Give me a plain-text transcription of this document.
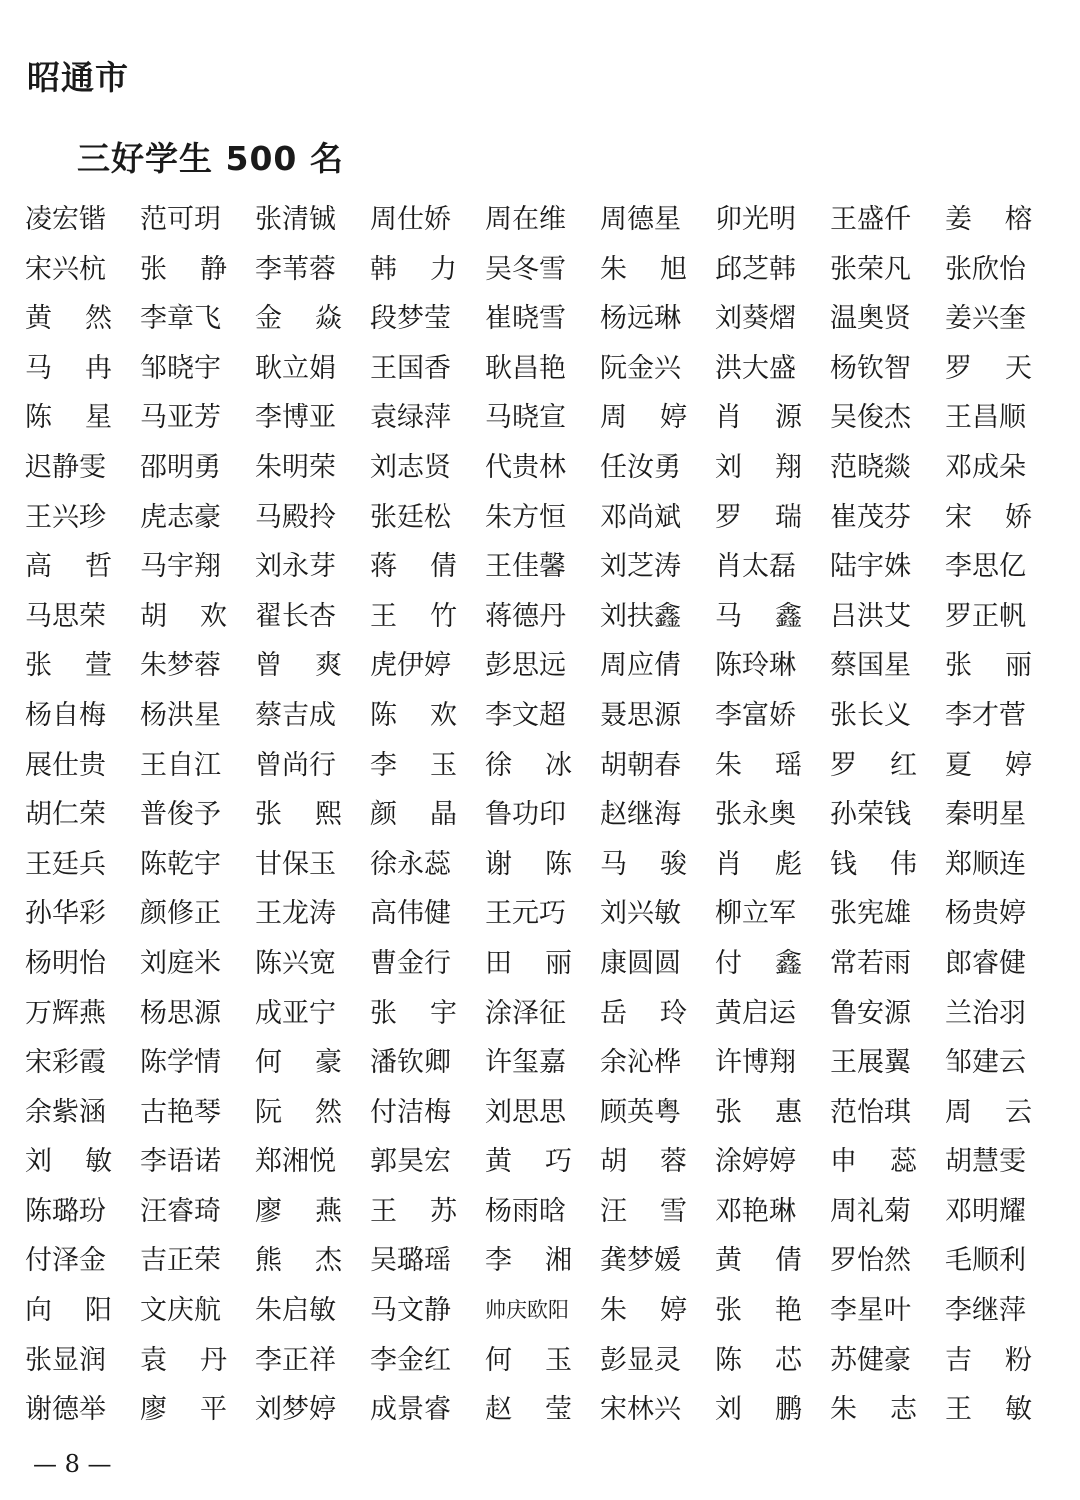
昭通市
三好学生 500 名
凌宏锴	范可玥	张清铖	周仕娇	周在维	周德星	卯光明	王盛仟	姜 榕
宋兴杭	张 静	李苇蓉	韩 力	吴冬雪	朱 旭	邱芝韩	张荣凡	张欣怡
黄 然	李章飞	金 焱	段梦莹	崔晓雪	杨远琳	刘葵熠	温奥贤	姜兴奎
马 冉	邹晓宇	耿立娟	王国香	耿昌艳	阮金兴	洪大盛	杨钦智	罗 天
陈 星	马亚芳	李博亚	袁绿萍	马晓宣	周 婷	肖 源	吴俊杰	王昌顺
迟静雯	邵明勇	朱明荣	刘志贤	代贵林	任汝勇	刘 翔	范晓燚	邓成朵
王兴珍	虎志豪	马殿拎	张廷松	朱方恒	邓尚斌	罗 瑞	崔茂芬	宋 娇
高 哲	马宇翔	刘永芽	蒋 倩	王佳馨	刘芝涛	肖太磊	陆宇姝	李思亿
马思荣	胡 欢	翟长杏	王 竹	蒋德丹	刘扶鑫	马 鑫	吕洪艾	罗正帆
张 萱	朱梦蓉	曾 爽	虎伊婷	彭思远	周应倩	陈玲琳	蔡国星	张 丽
杨自梅	杨洪星	蔡吉成	陈 欢	李文超	聂思源	李富娇	张长义	李才菅
展仕贵	王自江	曾尚行	李 玉	徐 冰	胡朝春	朱 瑶	罗 红	夏 婷
胡仁荣	普俊予	张 熙	颜 晶	鲁功印	赵继海	张永奥	孙荣钱	秦明星
王廷兵	陈乾宇	甘保玉	徐永蕊	谢 陈	马 骏	肖 彪	钱 伟	郑顺连
孙华彩	颜修正	王龙涛	高伟健	王元巧	刘兴敏	柳立军	张宪雄	杨贵婷
杨明怡	刘庭米	陈兴宽	曹金行	田 丽	康圆圆	付 鑫	常若雨	郎睿健
万辉燕	杨思源	成亚宁	张 宇	涂泽征	岳 玲	黄启运	鲁安源	兰治羽
宋彩霞	陈学情	何 豪	潘钦卿	许玺嘉	余沁桦	许博翔	王展翼	邹建云
余紫涵	古艳琴	阮 然	付洁梅	刘思思	顾英粤	张 惠	范怡琪	周 云
刘 敏	李语诺	郑湘悦	郭昊宏	黄 巧	胡 蓉	涂婷婷	申 蕊	胡慧雯
陈璐玢	汪睿琦	廖 燕	王 苏	杨雨晗	汪 雪	邓艳琳	周礼菊	邓明耀
付泽金	吉正荣	熊 杰	吴璐瑶	李 湘	龚梦媛	黄 倩	罗怡然	毛顺利
向 阳	文庆航	朱启敏	马文静	帅庆欧阳	朱 婷	张 艳	李星叶	李继萍
张显润	袁 丹	李正祥	李金红	何 玉	彭显灵	陈 芯	苏健豪	吉 粉
谢德举	廖 平	刘梦婷	成景睿	赵 莹	宋林兴	刘 鹏	朱 志	王 敏
— 8 —
